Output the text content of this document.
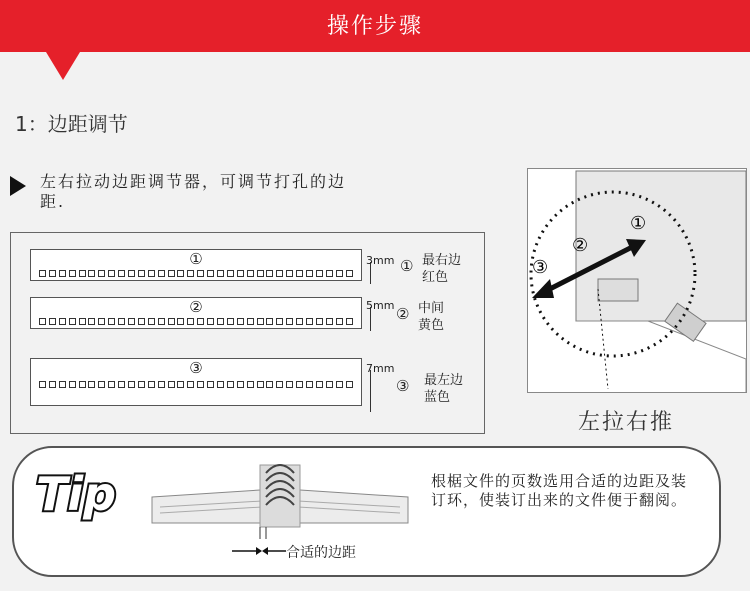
操作步骤
1：边距调节
左右拉动边距调节器，可调节打孔的边距.
①
②
③
3mm
5mm
7mm
① 最右边
红色
② 中间
黄色
③ 最左边
蓝色
①
②
③
左拉右推
Tip
合适的边距
根椐文件的页数选用合适的边距及装订环，使装订出来的文件便于翻阅。
